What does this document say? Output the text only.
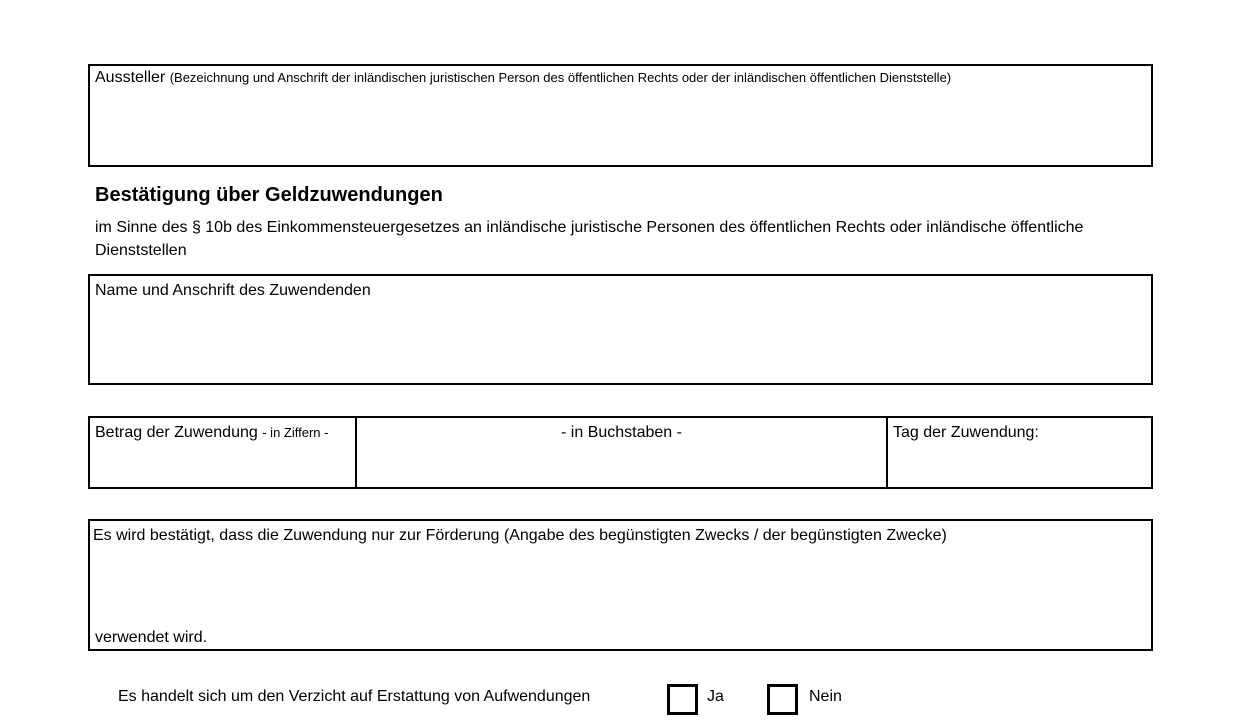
Aussteller (Bezeichnung und Anschrift der inländischen juristischen Person des öffentlichen Rechts oder der inländischen öffentlichen Dienststelle)
Bestätigung über Geldzuwendungen
im Sinne des § 10b des Einkommensteuergesetzes an inländische juristische Personen des öffentlichen Rechts oder inländische öffentliche Dienststellen
Name und Anschrift des Zuwendenden
Betrag der Zuwendung - in Ziffern -	- in Buchstaben -	Tag der Zuwendung:
Es wird bestätigt, dass die Zuwendung nur zur Förderung (Angabe des begünstigten Zwecks / der begünstigten Zwecke)
verwendet wird.
Es handelt sich um den Verzicht auf Erstattung von Aufwendungen	Ja	Nein
